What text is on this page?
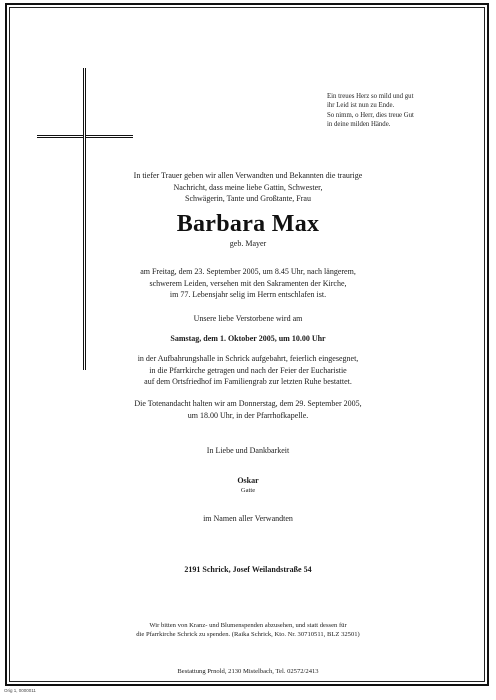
Ein treues Herz so mild und gut
ihr Leid ist nun zu Ende.
So nimm, o Herr, dies treue Gut
in deine milden Hände.
In tiefer Trauer geben wir allen Verwandten und Bekannten die traurige
Nachricht, dass meine liebe Gattin, Schwester,
Schwägerin, Tante und Großtante, Frau
Barbara Max
geb. Mayer
am Freitag, dem 23. September 2005, um 8.45 Uhr, nach längerem,
schwerem Leiden, versehen mit den Sakramenten der Kirche,
im 77. Lebensjahr selig im Herrn entschlafen ist.
Unsere liebe Verstorbene wird am
Samstag, dem 1. Oktober 2005, um 10.00 Uhr
in der Aufbahrungshalle in Schrick aufgebahrt, feierlich eingesegnet,
in die Pfarrkirche getragen und nach der Feier der Eucharistie
auf dem Ortsfriedhof im Familiengrab zur letzten Ruhe bestattet.
Die Totenandacht halten wir am Donnerstag, dem 29. September 2005,
um 18.00 Uhr, in der Pfarrhofkapelle.
In Liebe und Dankbarkeit
Oskar
Gatte
im Namen aller Verwandten
2191 Schrick, Josef Weilandstraße 54
Wir bitten von Kranz- und Blumenspenden abzusehen, und statt dessen für
die Pfarrkirche Schrick zu spenden. (Raika Schrick, Kto. Nr. 30710511, BLZ 32501)
Bestattung Prnold, 2130 Mistelbach, Tel. 02572/2413
Orig 1, 0000011
